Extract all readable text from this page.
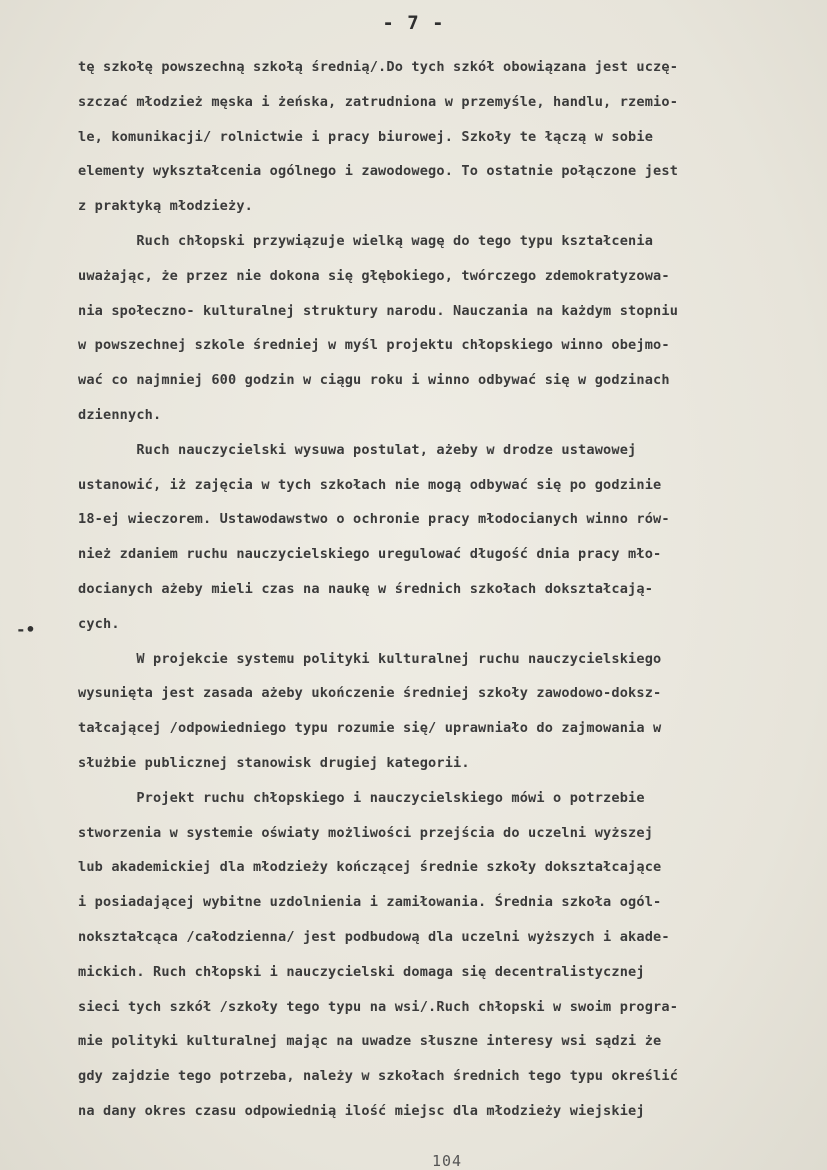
- 7 -
tę szkołę powszechną szkołą średnią/.Do tych szkół obowiązana jest uczę-
szczać młodzież męska i żeńska, zatrudniona w przemyśle, handlu, rzemio-
le, komunikacji/ rolnictwie i pracy biurowej. Szkoły te łączą w sobie
elementy wykształcenia ogólnego i zawodowego. To ostatnie połączone jest
z praktyką młodzieży.
Ruch chłopski przywiązuje wielką wagę do tego typu kształcenia
uważając, że przez nie dokona się głębokiego, twórczego zdemokratyzowa-
nia społeczno- kulturalnej struktury narodu. Nauczania na każdym stopniu
w powszechnej szkole średniej w myśl projektu chłopskiego winno obejmo-
wać co najmniej 600 godzin w ciągu roku i winno odbywać się w godzinach
dziennych.
Ruch nauczycielski wysuwa postulat, ażeby w drodze ustawowej
ustanowić, iż zajęcia w tych szkołach nie mogą odbywać się po godzinie
18-ej wieczorem. Ustawodawstwo o ochronie pracy młodocianych winno rów-
nież zdaniem ruchu nauczycielskiego uregulować długość dnia pracy mło-
docianych ażeby mieli czas na naukę w średnich szkołach dokształcają-
cych.
W projekcie systemu polityki kulturalnej ruchu nauczycielskiego
wysunięta jest zasada ażeby ukończenie średniej szkoły zawodowo-doksz-
tałcającej /odpowiedniego typu rozumie się/ uprawniało do zajmowania w
służbie publicznej stanowisk drugiej kategorii.
Projekt ruchu chłopskiego i nauczycielskiego mówi o potrzebie
stworzenia w systemie oświaty możliwości przejścia do uczelni wyższej
lub akademickiej dla młodzieży kończącej średnie szkoły dokształcające
i posiadającej wybitne uzdolnienia i zamiłowania. Średnia szkoła ogól-
nokształcąca /całodzienna/ jest podbudową dla uczelni wyższych i akade-
mickich. Ruch chłopski i nauczycielski domaga się decentralistycznej
sieci tych szkół /szkoły tego typu na wsi/.Ruch chłopski w swoim progra-
mie polityki kulturalnej mając na uwadze słuszne interesy wsi sądzi że
gdy zajdzie tego potrzeba, należy w szkołach średnich tego typu określić
na dany okres czasu odpowiednią ilość miejsc dla młodzieży wiejskiej
-•
104
